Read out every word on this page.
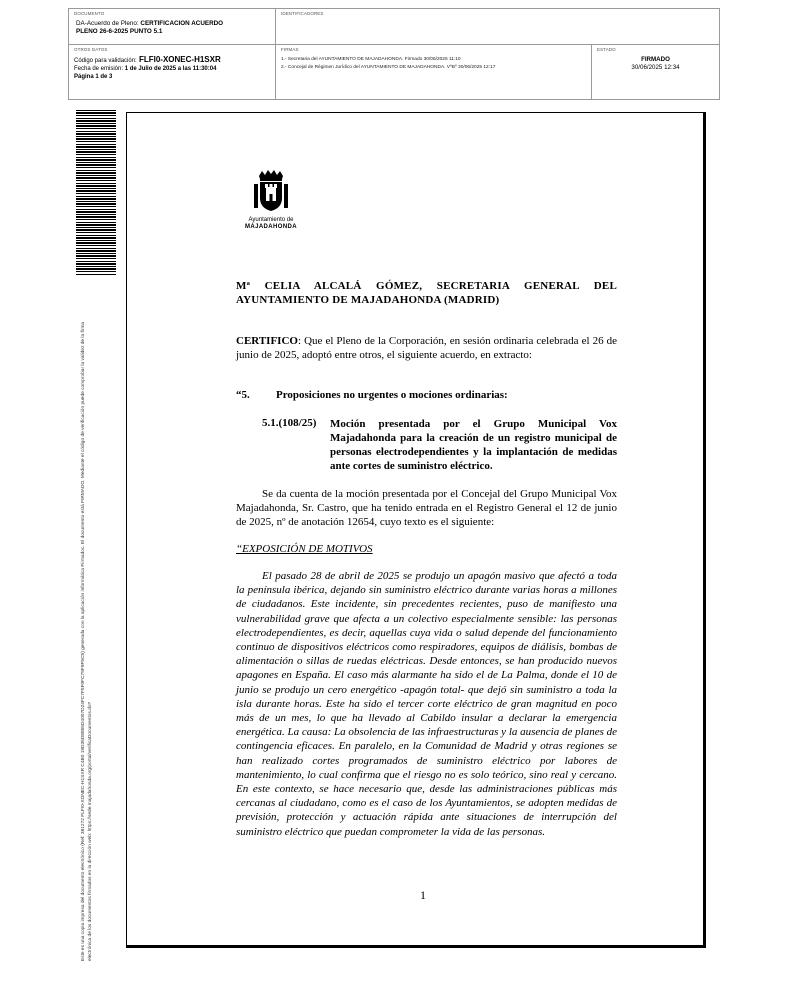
DOCUMENTO
DA-Acuerdo de Pleno: CERTIFICACION ACUERDO
PLENO 26-6-2025 PUNTO 5.1
IDENTIFICADORES
OTROS DATOS
Código para validación: FLFI0-XONEC-H1SXR
Fecha de emisión: 1 de Julio de 2025 a las 11:30:04
Página 1 de 3
FIRMAS
1.- Secretaria del AYUNTAMIENTO DE MAJADAHONDA. Firmado 30/06/2025 11:10
2.- Concejal de Régimen Jurídico del AYUNTAMIENTO DE MAJADAHONDA. VºBº 30/06/2025 12:17
ESTADO
FIRMADO
30/06/2025 12:34
Este es una copia impresa del documento electrónico (Ref: 381272 FLFI0-XONEC-H1SXR C4B0 19D35D8855D4007D24FC7F5F0FC75F9F5C5) generada con la aplicación informática Firmadoc. El documento está FIRMADO. Mediante el código de verificación puede comprobar la validez de la firma electrónica de los documentos firmados en la dirección web: https://sede.majadahonda.org/portal/verificaDocumentos.do?
Ayuntamiento de
MAJADAHONDA
Mª CELIA ALCALÁ GÓMEZ, SECRETARIA GENERAL DEL AYUNTAMIENTO DE MAJADAHONDA (MADRID)
CERTIFICO: Que el Pleno de la Corporación, en sesión ordinaria celebrada el 26 de junio de 2025, adoptó entre otros, el siguiente acuerdo, en extracto:
“5. Proposiciones no urgentes o mociones ordinarias:
5.1.(108/25) Moción presentada por el Grupo Municipal Vox Majadahonda para la creación de un registro municipal de personas electrodependientes y la implantación de medidas ante cortes de suministro eléctrico.
Se da cuenta de la moción presentada por el Concejal del Grupo Municipal Vox Majadahonda, Sr. Castro, que ha tenido entrada en el Registro General el 12 de junio de 2025, nº de anotación 12654, cuyo texto es el siguiente:
“EXPOSICIÓN DE MOTIVOS
El pasado 28 de abril de 2025 se produjo un apagón masivo que afectó a toda la península ibérica, dejando sin suministro eléctrico durante varias horas a millones de ciudadanos. Este incidente, sin precedentes recientes, puso de manifiesto una vulnerabilidad grave que afecta a un colectivo especialmente sensible: las personas electrodependientes, es decir, aquellas cuya vida o salud depende del funcionamiento continuo de dispositivos eléctricos como respiradores, equipos de diálisis, bombas de alimentación o sillas de ruedas eléctricas. Desde entonces, se han producido nuevos apagones en España. El caso más alarmante ha sido el de La Palma, donde el 10 de junio se produjo un cero energético -apagón total- que dejó sin suministro a toda la isla durante horas. Este ha sido el tercer corte eléctrico de gran magnitud en poco más de un mes, lo que ha llevado al Cabildo insular a declarar la emergencia energética. La causa: La obsolencia de las infraestructuras y la ausencia de planes de contingencia eficaces. En paralelo, en la Comunidad de Madrid y otras regiones se han realizado cortes programados de suministro eléctrico por labores de mantenimiento, lo cual confirma que el riesgo no es solo teórico, sino real y cercano. En este contexto, se hace necesario que, desde las administraciones públicas más cercanas al ciudadano, como es el caso de los Ayuntamientos, se adopten medidas de previsión, protección y actuación rápida ante situaciones de interrupción del suministro eléctrico que puedan comprometer la vida de las personas.
1
